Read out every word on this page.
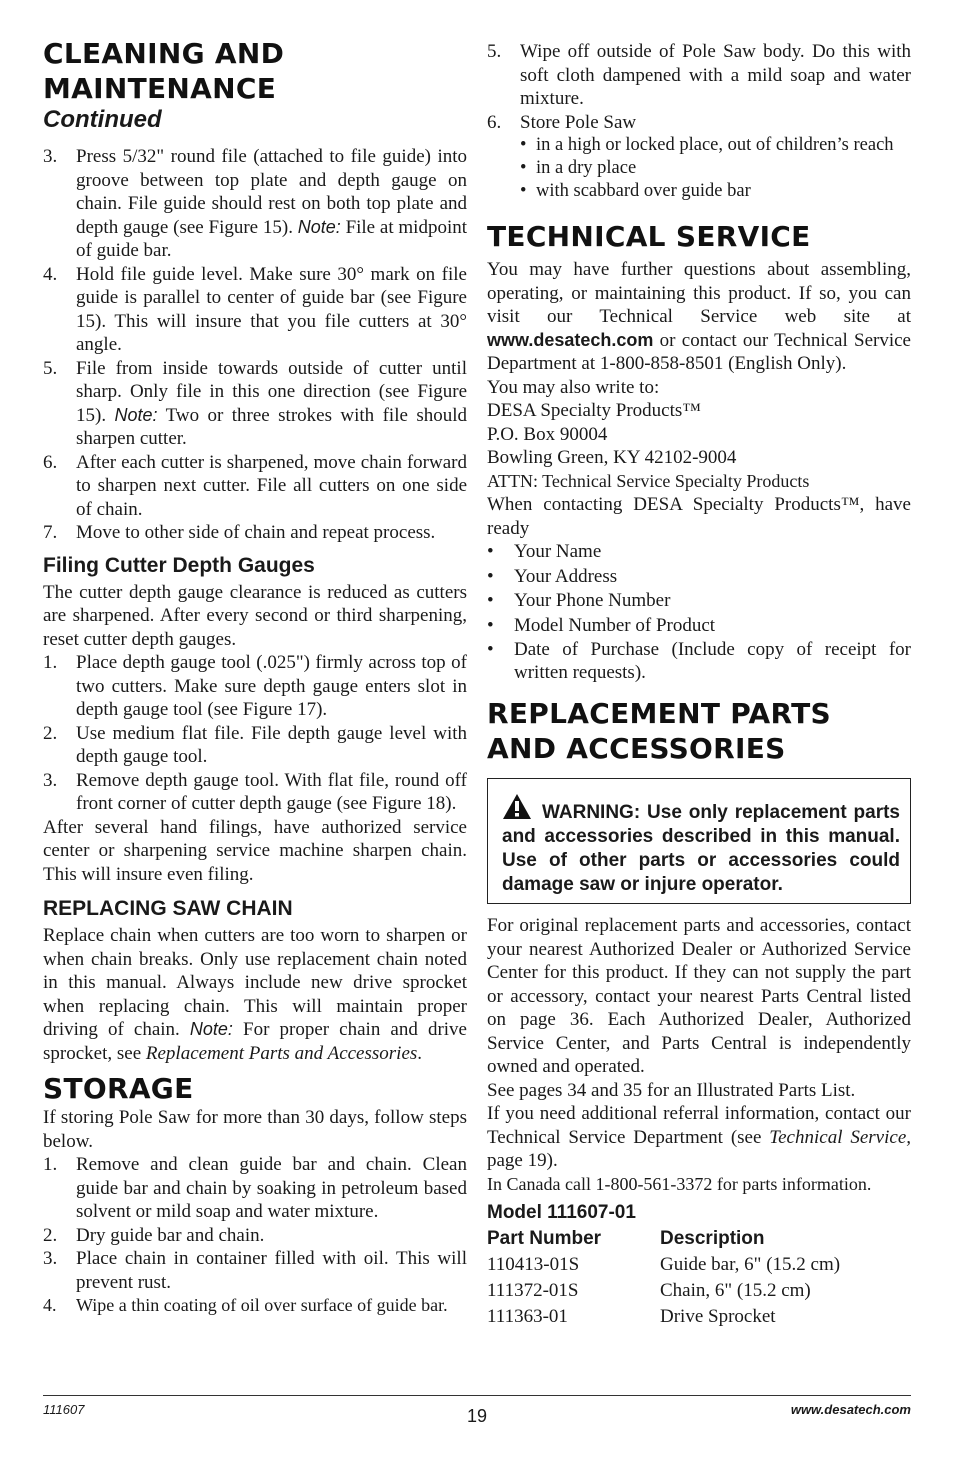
CLEANING AND
MAINTENANCE
Continued
3. Press 5/32" round file (attached to file guide) into groove between top plate and depth gauge on chain. File guide should rest on both top plate and depth gauge (see Figure 15). Note: File at midpoint of guide bar.
4. Hold file guide level. Make sure 30° mark on file guide is parallel to center of guide bar (see Figure 15). This will insure that you file cutters at 30° angle.
5. File from inside towards outside of cutter until sharp. Only file in this one direction (see Figure 15). Note: Two or three strokes with file should sharpen cutter.
6. After each cutter is sharpened, move chain forward to sharpen next cutter. File all cutters on one side of chain.
7. Move to other side of chain and repeat process.
Filing Cutter Depth Gauges

The cutter depth gauge clearance is reduced as cutters are sharpened. After every second or third sharpening, reset cutter depth gauges.

1. Place depth gauge tool (.025") firmly across top of two cutters. Make sure depth gauge enters slot in depth gauge tool (see Figure 17).
2. Use medium flat file. File depth gauge level with depth gauge tool.
3. Remove depth gauge tool. With flat file, round off front corner of cutter depth gauge (see Figure 18).

After several hand filings, have authorized service center or sharpening service machine sharpen chain. This will insure even filing.

REPLACING SAW CHAIN

Replace chain when cutters are too worn to sharpen or when chain breaks. Only use replacement chain noted in this manual. Always include new drive sprocket when replacing chain. This will maintain proper driving of chain. Note: For proper chain and drive sprocket, see Replacement Parts and Accessories.

STORAGE

If storing Pole Saw for more than 30 days, follow steps below.

1. Remove and clean guide bar and chain. Clean guide bar and chain by soaking in petroleum based solvent or mild soap and water mixture.
2. Dry guide bar and chain.
3. Place chain in container filled with oil. This will prevent rust.
4. Wipe a thin coating of oil over surface of guide bar.
5. Wipe off outside of Pole Saw body. Do this with soft cloth dampened with a mild soap and water mixture.
6. Store Pole Saw
• in a high or locked place, out of children’s reach
• in a dry place
• with scabbard over guide bar
TECHNICAL SERVICE

You may have further questions about assembling, operating, or maintaining this product. If so, you can visit our Technical Service web site at www.desatech.com or contact our Technical Service Department at 1-800-858-8501 (English Only).

You may also write to:

DESA Specialty Products™

P.O. Box 90004

Bowling Green, KY 42102-9004

ATTN: Technical Service Specialty Products

When contacting DESA Specialty Products™, have ready

• Your Name
• Your Address
• Your Phone Number
• Model Number of Product
• Date of Purchase (Include copy of receipt for written requests).
REPLACEMENT PARTS
AND ACCESSORIES

WARNING: Use only replacement parts and accessories described in this manual. Use of other parts or accessories could damage saw or injure operator.

For original replacement parts and accessories, contact your nearest Authorized Dealer or Authorized Service Center for this product. If they can not supply the part or accessory, contact your nearest Parts Central listed on page 36. Each Authorized Dealer, Authorized Service Center, and Parts Central is independently owned and operated.

See pages 34 and 35 for an Illustrated Parts List.

If you need additional referral information, contact our Technical Service Department (see Technical Service, page 19).

In Canada call 1-800-561-3372 for parts information.

Model 111607-01
Part Number	Description
110413-01S	Guide bar, 6" (15.2 cm)
111372-01S	Chain, 6" (15.2 cm)
111363-01	Drive Sprocket
111607	19	www.desatech.com
